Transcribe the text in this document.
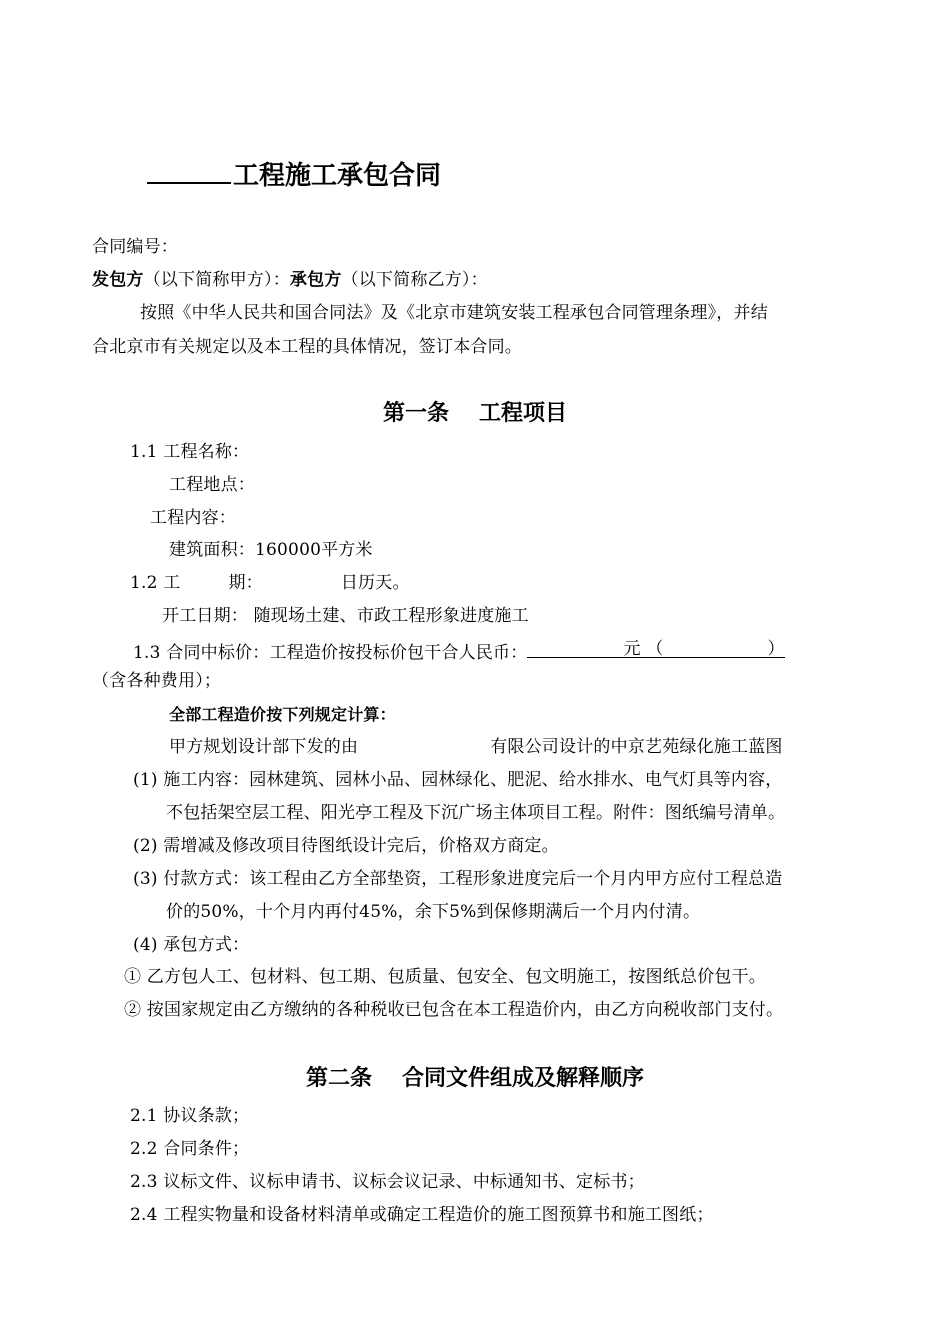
工程施工承包合同
合同编号：
发包方（以下简称甲方）：承包方（以下简称乙方）：
按照《中华人民共和国合同法》及《北京市建筑安装工程承包合同管理条理》，并结
合北京市有关规定以及本工程的具体情况，签订本合同。
第一条 工程项目
1.1 工程名称：
工程地点：
工程内容：
建筑面积：160000平方米
1.2 工	期：	日历天。
开工日期： 随现场土建、市政工程形象进度施工
1.3 合同中标价：工程造价按投标价包干合人民币：	元 （	）
（含各种费用）；
全部工程造价按下列规定计算：
甲方规划设计部下发的由	有限公司设计的中京艺苑绿化施工蓝图
(1) 施工内容：园林建筑、园林小品、园林绿化、肥泥、给水排水、电气灯具等内容，
不包括架空层工程、阳光亭工程及下沉广场主体项目工程。附件：图纸编号清单。
(2) 需增减及修改项目待图纸设计完后，价格双方商定。
(3) 付款方式：该工程由乙方全部垫资，工程形象进度完后一个月内甲方应付工程总造
价的50%，十个月内再付45%，余下5%到保修期满后一个月内付清。
(4) 承包方式：
① 乙方包人工、包材料、包工期、包质量、包安全、包文明施工，按图纸总价包干。
② 按国家规定由乙方缴纳的各种税收已包含在本工程造价内，由乙方向税收部门支付。
第二条 合同文件组成及解释顺序
2.1 协议条款；
2.2 合同条件；
2.3 议标文件、议标申请书、议标会议记录、中标通知书、定标书；
2.4 工程实物量和设备材料清单或确定工程造价的施工图预算书和施工图纸；
